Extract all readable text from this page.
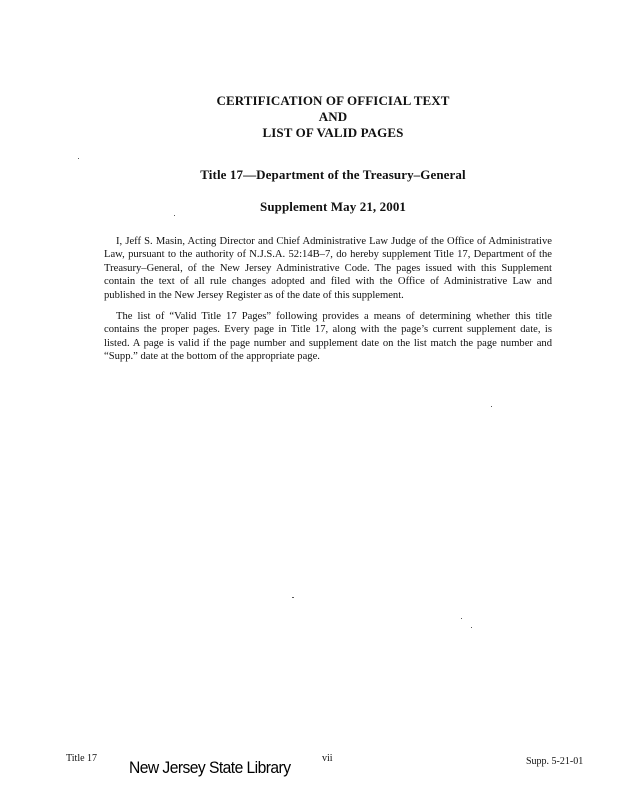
CERTIFICATION OF OFFICIAL TEXT
AND
LIST OF VALID PAGES
Title 17—Department of the Treasury–General
Supplement May 21, 2001

I, Jeff S. Masin, Acting Director and Chief Administrative Law Judge of the Office of Administrative Law, pursuant to the authority of N.J.S.A. 52:14B–7, do hereby supplement Title 17, Department of the Treasury–General, of the New Jersey Administrative Code. The pages issued with this Supplement contain the text of all rule changes adopted and filed with the Office of Administrative Law and published in the New Jersey Register as of the date of this supplement.

The list of “Valid Title 17 Pages” following provides a means of determining whether this title contains the proper pages. Every page in Title 17, along with the page’s current supplement date, is listed. A page is valid if the page number and supplement date on the list match the page number and “Supp.” date at the bottom of the appropriate page.

Title 17 New Jersey State Library	vii	Supp. 5-21-01
